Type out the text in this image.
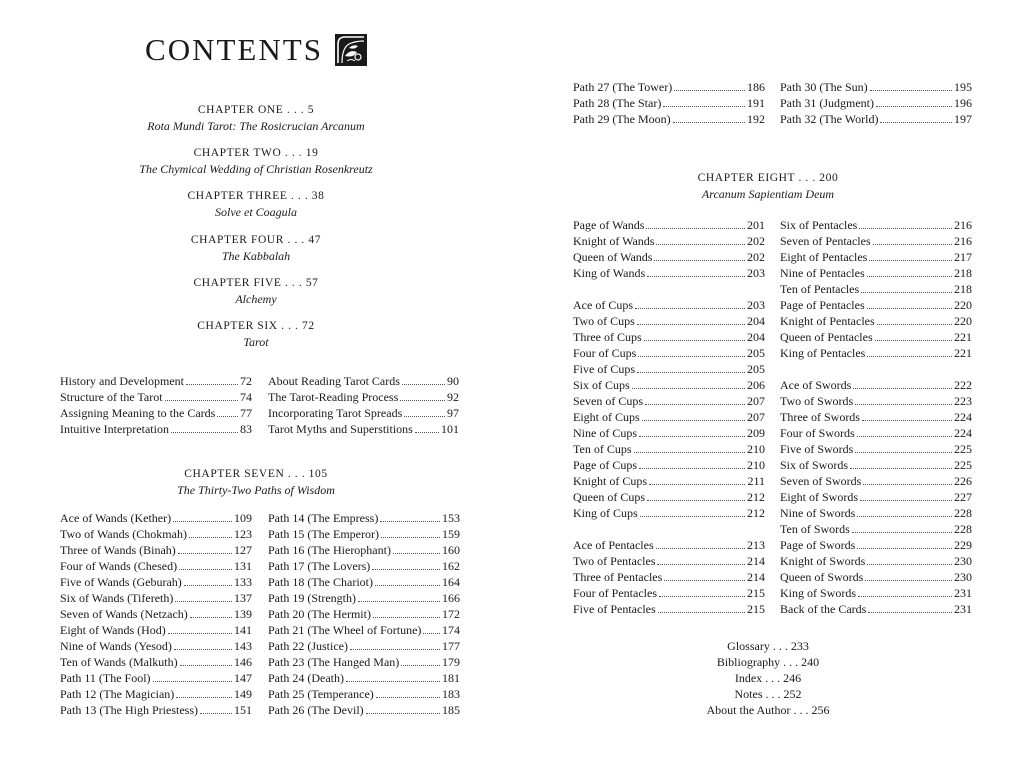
CONTENTS
CHAPTER ONE . . . 5
Rota Mundi Tarot: The Rosicrucian Arcanum
CHAPTER TWO . . . 19
The Chymical Wedding of Christian Rosenkreutz
CHAPTER THREE . . . 38
Solve et Coagula
CHAPTER FOUR . . . 47
The Kabbalah
CHAPTER FIVE . . . 57
Alchemy
CHAPTER SIX . . . 72
Tarot
History and Development	72
Structure of the Tarot	74
Assigning Meaning to the Cards 77
Intuitive Interpretation	83
About Reading Tarot Cards	90
The Tarot-Reading Process	92
Incorporating Tarot Spreads	97
Tarot Myths and Superstitions 101
CHAPTER SEVEN . . . 105
The Thirty-Two Paths of Wisdom
Ace of Wands (Kether)	109
Two of Wands (Chokmah)	123
Three of Wands (Binah)	127
Four of Wands (Chesed)	131
Five of Wands (Geburah)	133
Six of Wands (Tifereth)	137
Seven of Wands (Netzach)	139
Eight of Wands (Hod)	141
Nine of Wands (Yesod)	143
Ten of Wands (Malkuth)	146
Path 11 (The Fool)	147
Path 12 (The Magician)	149
Path 13 (The High Priestess)	151
Path 14 (The Empress)	153
Path 15 (The Emperor)	159
Path 16 (The Hierophant)	160
Path 17 (The Lovers)	162
Path 18 (The Chariot)	164
Path 19 (Strength)	166
Path 20 (The Hermit)	172
Path 21 (The Wheel of Fortune) 174
Path 22 (Justice)	177
Path 23 (The Hanged Man)	179
Path 24 (Death)	181
Path 25 (Temperance)	183
Path 26 (The Devil)	185
Path 27 (The Tower)	186
Path 28 (The Star)	191
Path 29 (The Moon)	192
Path 30 (The Sun)	195
Path 31 (Judgment)	196
Path 32 (The World)	197
CHAPTER EIGHT . . . 200
Arcanum Sapientiam Deum
Page of Wands	201
Knight of Wands	202
Queen of Wands	202
King of Wands	203
Ace of Cups	203
Two of Cups	204
Three of Cups	204
Four of Cups	205
Five of Cups	205
Six of Cups	206
Seven of Cups	207
Eight of Cups	207
Nine of Cups	209
Ten of Cups	210
Page of Cups	210
Knight of Cups	211
Queen of Cups	212
King of Cups	212
Ace of Pentacles	213
Two of Pentacles	214
Three of Pentacles	214
Four of Pentacles	215
Five of Pentacles	215
Six of Pentacles	216
Seven of Pentacles	216
Eight of Pentacles	217
Nine of Pentacles	218
Ten of Pentacles	218
Page of Pentacles	220
Knight of Pentacles	220
Queen of Pentacles	221
King of Pentacles	221
Ace of Swords	222
Two of Swords	223
Three of Swords	224
Four of Swords	224
Five of Swords	225
Six of Swords	225
Seven of Swords	226
Eight of Swords	227
Nine of Swords	228
Ten of Swords	228
Page of Swords	229
Knight of Swords	230
Queen of Swords	230
King of Swords	231
Back of the Cards	231
Glossary . . . 233
Bibliography . . . 240
Index . . . 246
Notes . . . 252
About the Author . . . 256
